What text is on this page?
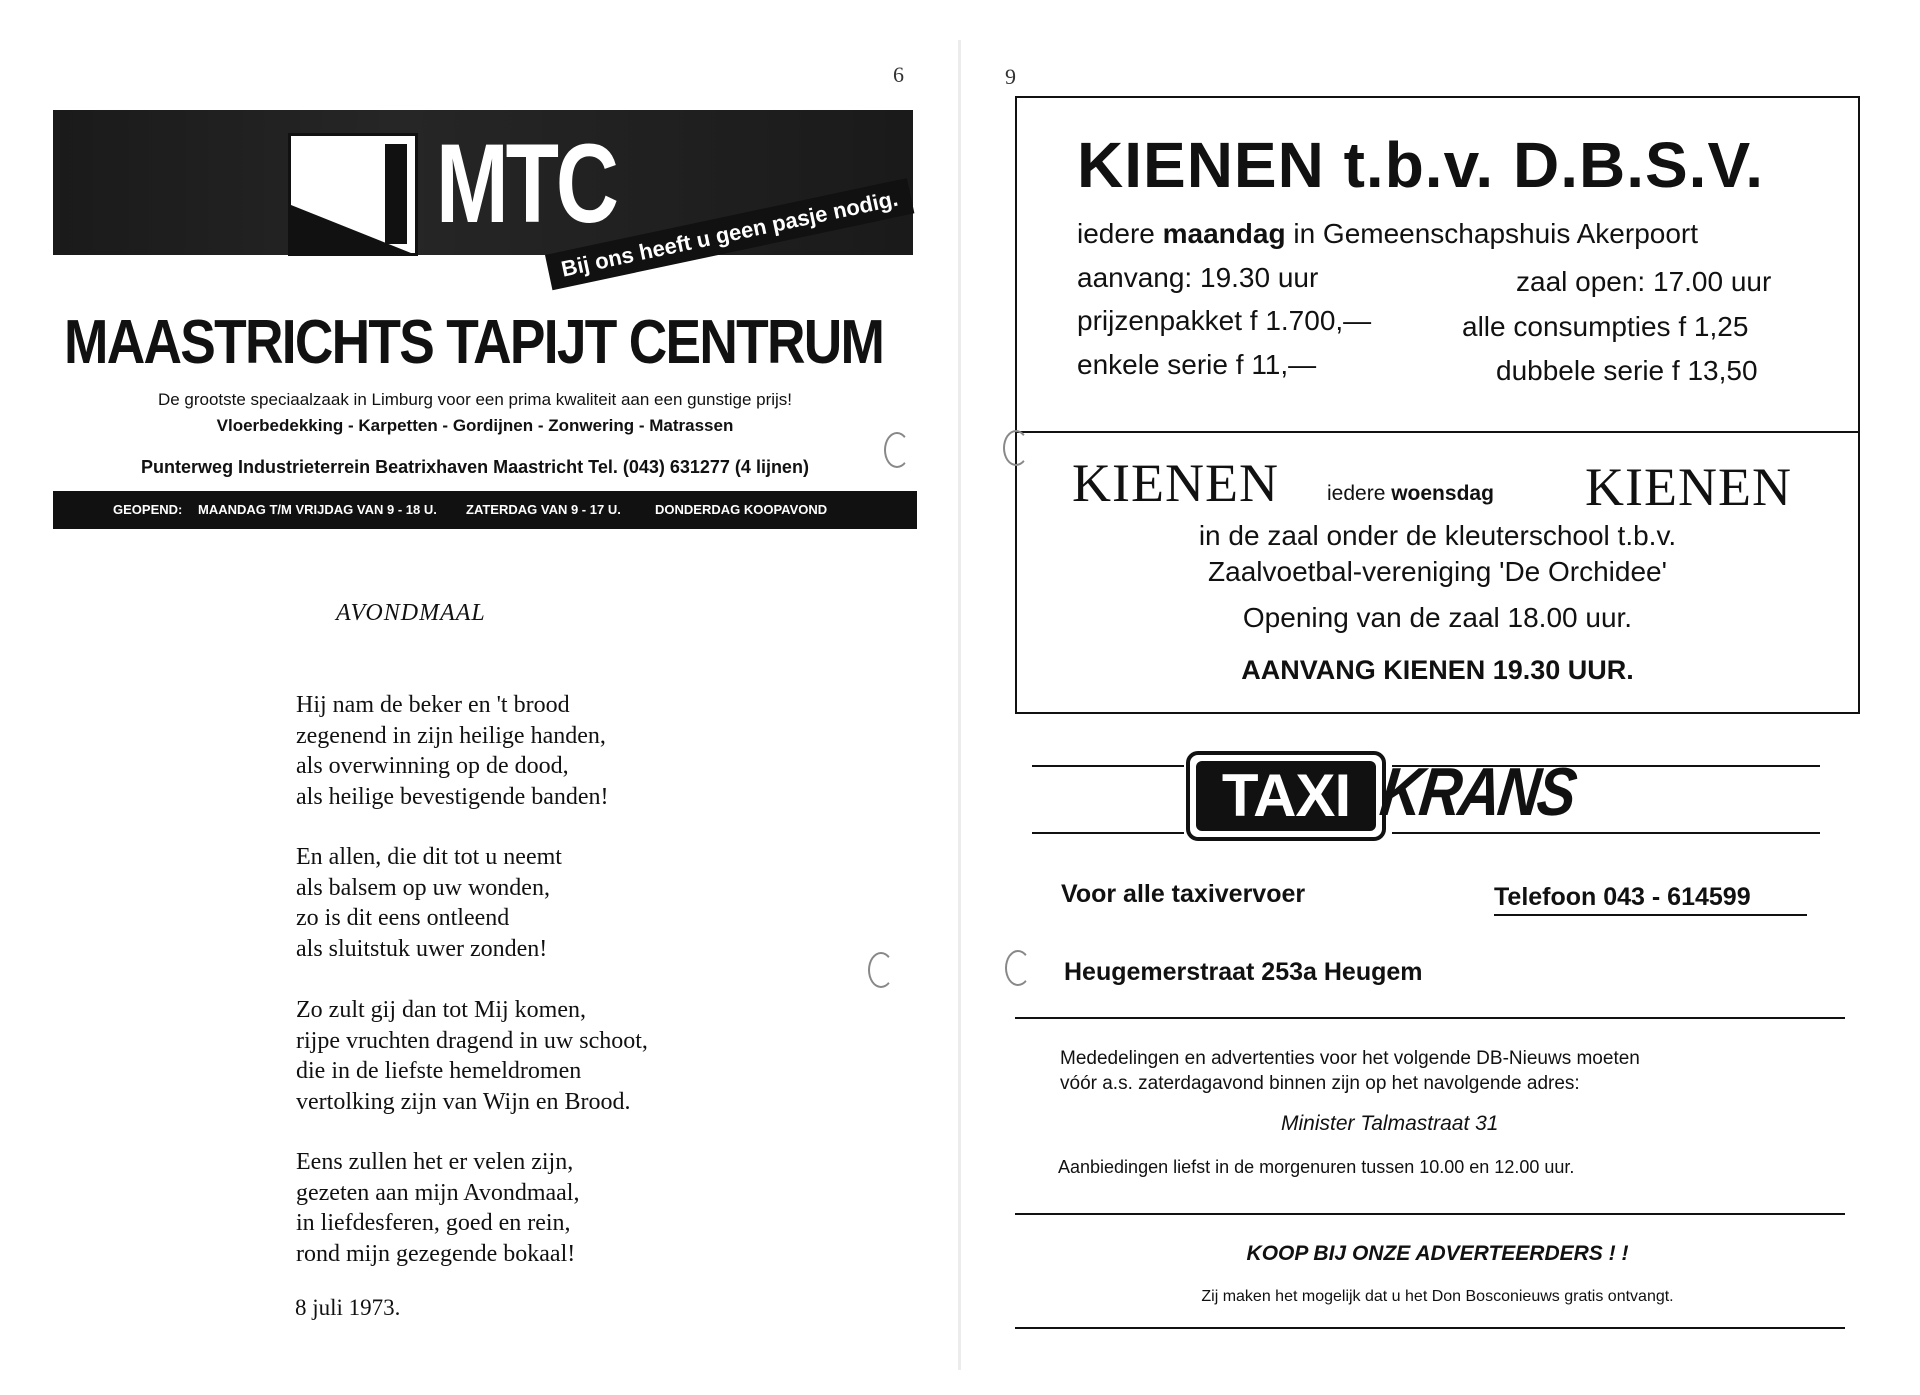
6
MTC
Bij ons heeft u geen pasje nodig.
MAASTRICHTS TAPIJT CENTRUM
De grootste speciaalzaak in Limburg voor een prima kwaliteit aan een gunstige prijs!
Vloerbedekking - Karpetten - Gordijnen - Zonwering - Matrassen
Punterweg Industrieterrein Beatrixhaven Maastricht Tel. (043) 631277 (4 lijnen)
GEOPEND: MAANDAG T/M VRIJDAG VAN 9 - 18 U. ZATERDAG VAN 9 - 17 U.	DONDERDAG KOOPAVOND
AVONDMAAL
Hij nam de beker en 't brood
zegenend in zijn heilige handen,
als overwinning op de dood,
als heilige bevestigende banden!
En allen, die dit tot u neemt
als balsem op uw wonden,
zo is dit eens ontleend
als sluitstuk uwer zonden!
Zo zult gij dan tot Mij komen,
rijpe vruchten dragend in uw schoot,
die in de liefste hemeldromen
vertolking zijn van Wijn en Brood.
Eens zullen het er velen zijn,
gezeten aan mijn Avondmaal,
in liefdesferen, goed en rein,
rond mijn gezegende bokaal!
8 juli 1973.
9
KIENEN t.b.v. D.B.S.V.
iedere maandag in Gemeenschapshuis Akerpoort
aanvang: 19.30 uur	zaal open: 17.00 uur
prijzenpakket f 1.700,—	alle consumpties f 1,25
enkele serie f 11,—	dubbele serie f 13,50
KIENEN iedere woensdag KIENEN
in de zaal onder de kleuterschool t.b.v.
Zaalvoetbal-vereniging 'De Orchidee'
Opening van de zaal 18.00 uur.
AANVANG KIENEN 19.30 UUR.
TAXI KRANS
Voor alle taxivervoer	Telefoon 043 - 614599
Heugemerstraat 253a Heugem
Mededelingen en advertenties voor het volgende DB-Nieuws moeten
vóór a.s. zaterdagavond binnen zijn op het navolgende adres:
Minister Talmastraat 31
Aanbiedingen liefst in de morgenuren tussen 10.00 en 12.00 uur.
KOOP BIJ ONZE ADVERTEERDERS ! !
Zij maken het mogelijk dat u het Don Bosconieuws gratis ontvangt.
